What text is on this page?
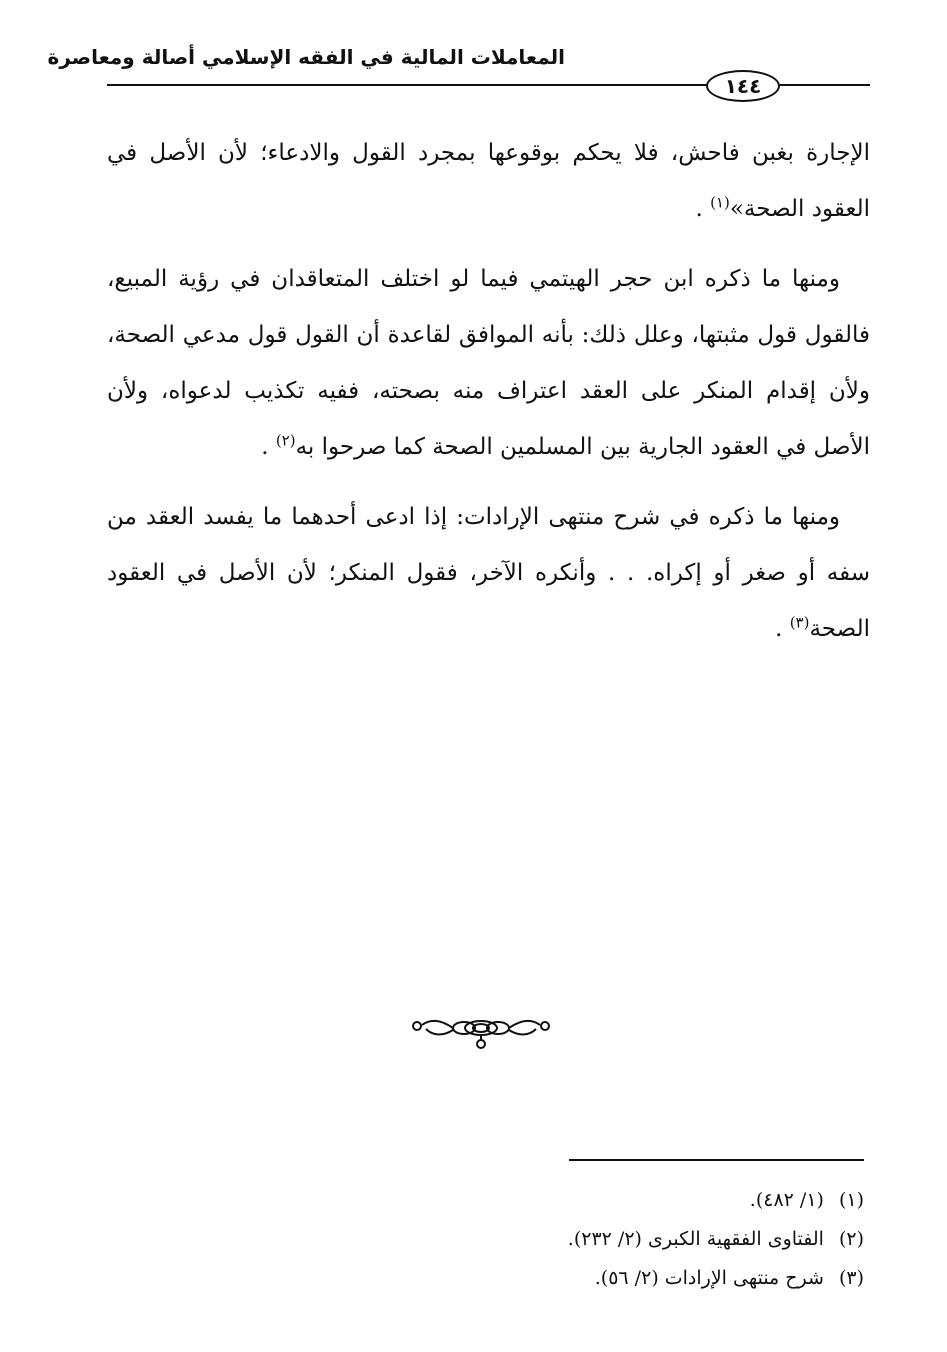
المعاملات المالية في الفقه الإسلامي أصالة ومعاصرة
١٤٤

الإجارة بغبن فاحش، فلا يحكم بوقوعها بمجرد القول والادعاء؛ لأن الأصل في العقود الصحة»$^{(١)}$ .

ومنها ما ذكره ابن حجر الهيتمي فيما لو اختلف المتعاقدان في رؤية المبيع، فالقول قول مثبتها، وعلل ذلك: بأنه الموافق لقاعدة أن القول قول مدعي الصحة، ولأن إقدام المنكر على العقد اعتراف منه بصحته، ففيه تكذيب لدعواه، ولأن الأصل في العقود الجارية بين المسلمين الصحة كما صرحوا به$^{(٢)}$ .

ومنها ما ذكره في شرح منتهى الإرادات: إذا ادعى أحدهما ما يفسد العقد من سفه أو صغر أو إكراه. . . وأنكره الآخر، فقول المنكر؛ لأن الأصل في العقود الصحة$^{(٣)}$ .

(١) (١/ ٤٨٢).
(٢) الفتاوى الفقهية الكبرى (٢/ ٢٣٢).
(٣) شرح منتهى الإرادات (٢/ ٥٦).
